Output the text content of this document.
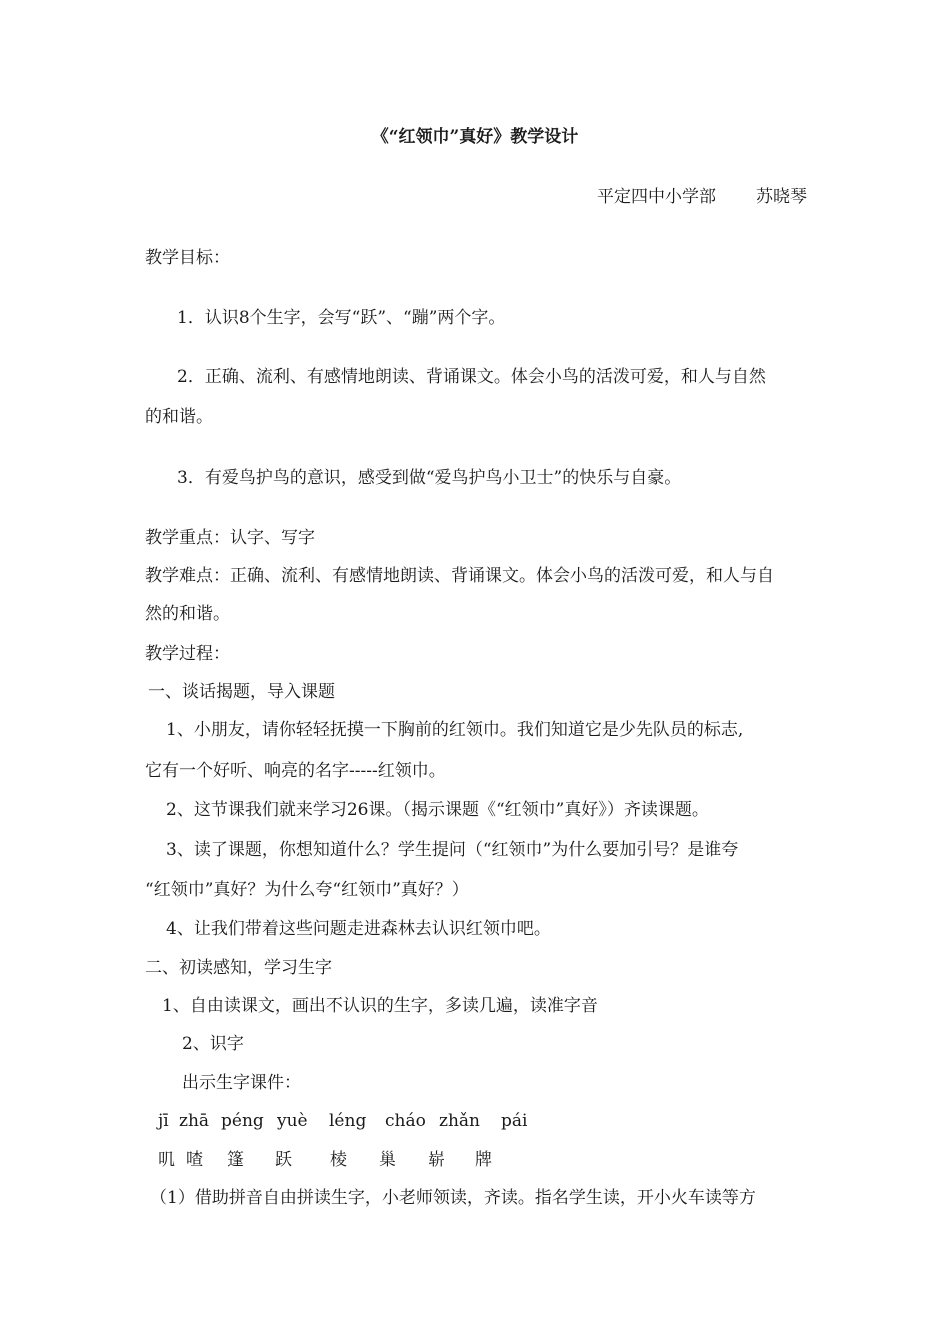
《“红领巾”真好》教学设计
平定四中小学部 苏晓琴
教学目标：
1．认识8个生字，会写“跃”、“蹦”两个字。
2．正确、流利、有感情地朗读、背诵课文。体会小鸟的活泼可爱，和人与自然
的和谐。
3．有爱鸟护鸟的意识，感受到做“爱鸟护鸟小卫士”的快乐与自豪。
教学重点：认字、写字
教学难点：正确、流利、有感情地朗读、背诵课文。体会小鸟的活泼可爱，和人与自
然的和谐。
教学过程：
一、谈话揭题，导入课题
1、小朋友，请你轻轻抚摸一下胸前的红领巾。我们知道它是少先队员的标志,
它有一个好听、响亮的名字-----红领巾。
2、这节课我们就来学习26课。（揭示课题《“红领巾”真好》）齐读课题。
3、读了课题，你想知道什么？学生提问（“红领巾”为什么要加引号？是谁夸
“红领巾”真好？为什么夸“红领巾”真好？）
4、让我们带着这些问题走进森林去认识红领巾吧。
二、初读感知，学习生字
1、自由读课文，画出不认识的生字，多读几遍，读准字音
2、识字
出示生字课件：
jī zhā péng yuè léng cháo zhǎn pái
叽 喳 篷 跃 棱 巢 崭 牌
（1）借助拼音自由拼读生字，小老师领读，齐读。指名学生读，开小火车读等方
